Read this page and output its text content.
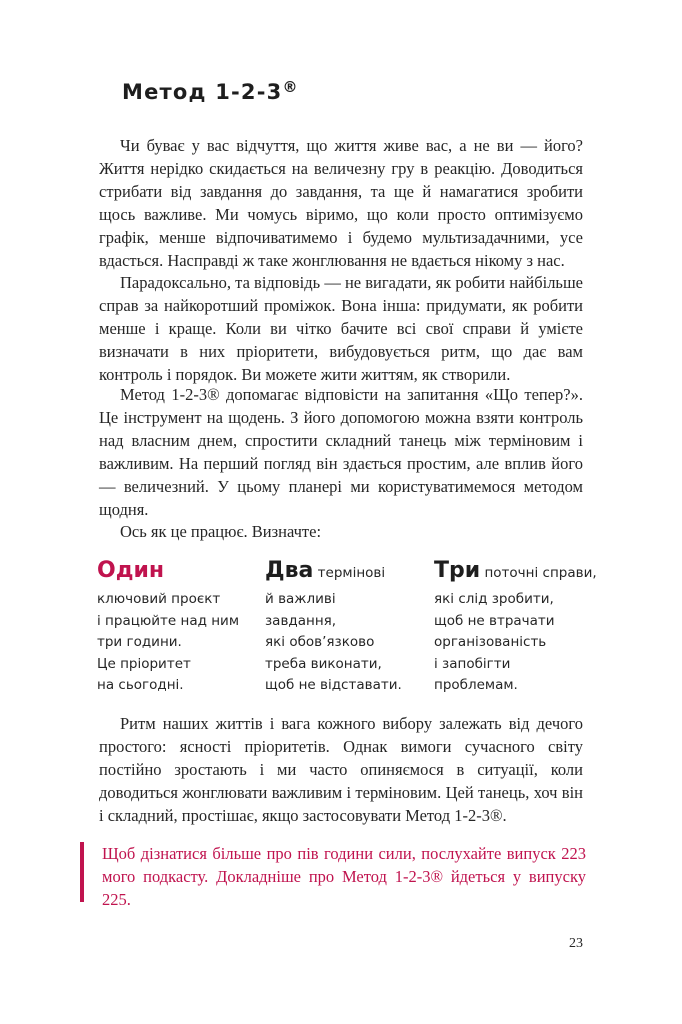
Метод 1-2-3®

Чи буває у вас відчуття, що життя живе вас, а не ви — його? Життя нерідко скидається на величезну гру в реакцію. Доводиться стрибати від завдання до завдання, та ще й намагатися зробити щось важливе. Ми чомусь віримо, що коли просто оптимізуємо графік, менше відпочиватимемо і будемо мультизадачними, усе вдасться. Насправді ж таке жонглювання не вдається нікому з нас.

Парадоксально, та відповідь — не вигадати, як робити найбільше справ за найкоротший проміжок. Вона інша: придумати, як робити менше і краще. Коли ви чітко бачите всі свої справи й умієте визначати в них пріоритети, вибудовується ритм, що дає вам контроль і порядок. Ви можете жити життям, як створили.

Метод 1-2-3® допомагає відповісти на запитання «Що тепер?». Це інструмент на щодень. З його допомогою можна взяти контроль над власним днем, спростити складний танець між терміновим і важливим. На перший погляд він здається простим, але вплив його — величезний. У цьому планері ми користуватимемося методом щодня.

Ось як це працює. Визначте:

Один
ключовий проєкт
і працюйте над ним
три години.
Це пріоритет
на сьогодні.
Два термінові
й важливі
завдання,
які обов’язково
треба виконати,
щоб не відставати.
Три поточні справи,
які слід зробити,
щоб не втрачати
організованість
і запобігти
проблемам.

Ритм наших життів і вага кожного вибору залежать від дечого простого: ясності пріоритетів. Однак вимоги сучасного світу постійно зростають і ми часто опиняємося в ситуації, коли доводиться жонглювати важливим і терміновим. Цей танець, хоч він і складний, простішає, якщо застосовувати Метод 1-2-3®.

Щоб дізнатися більше про пів години сили, послухайте випуск 223 мого подкасту. Докладніше про Метод 1-2-3® йдеться у випуску 225.

23
